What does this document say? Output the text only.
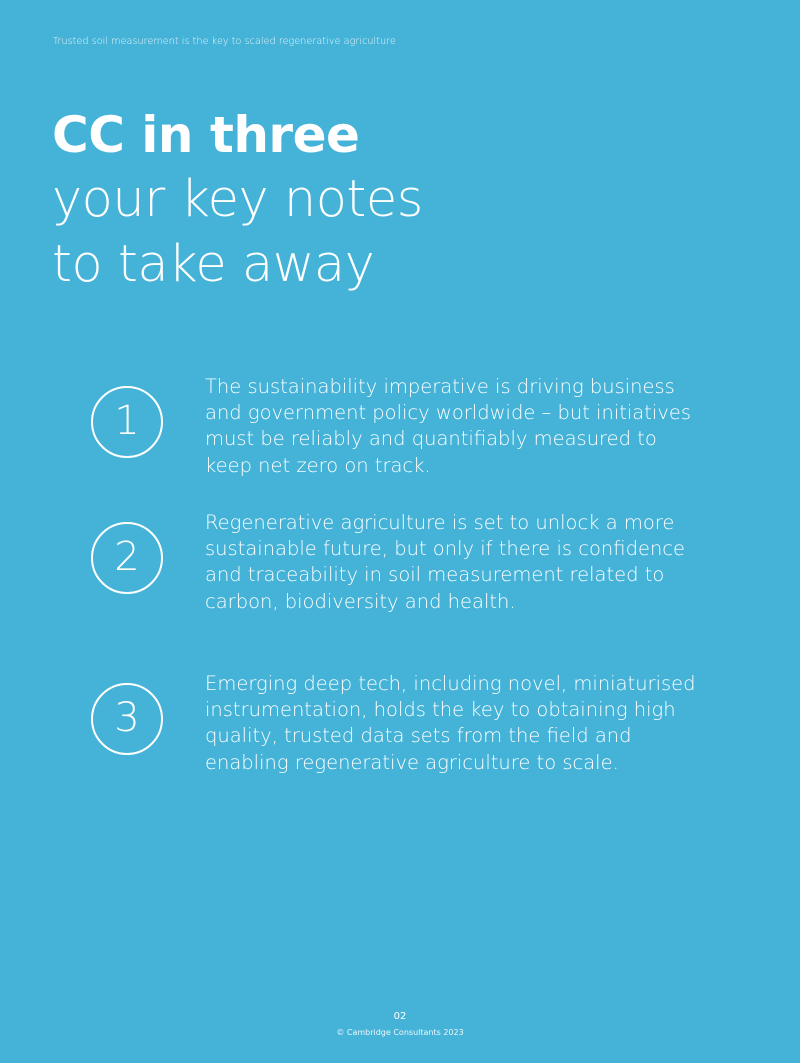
Trusted soil measurement is the key to scaled regenerative agriculture
CC in three
your key notes
to take away
1

The sustainability imperative is driving business and government policy worldwide – but initiatives must be reliably and quantifiably measured to keep net zero on track.

2

Regenerative agriculture is set to unlock a more sustainable future, but only if there is confidence and traceability in soil measurement related to carbon, biodiversity and health.

3

Emerging deep tech, including novel, miniaturised instrumentation, holds the key to obtaining high quality, trusted data sets from the field and enabling regenerative agriculture to scale.

02
© Cambridge Consultants 2023
